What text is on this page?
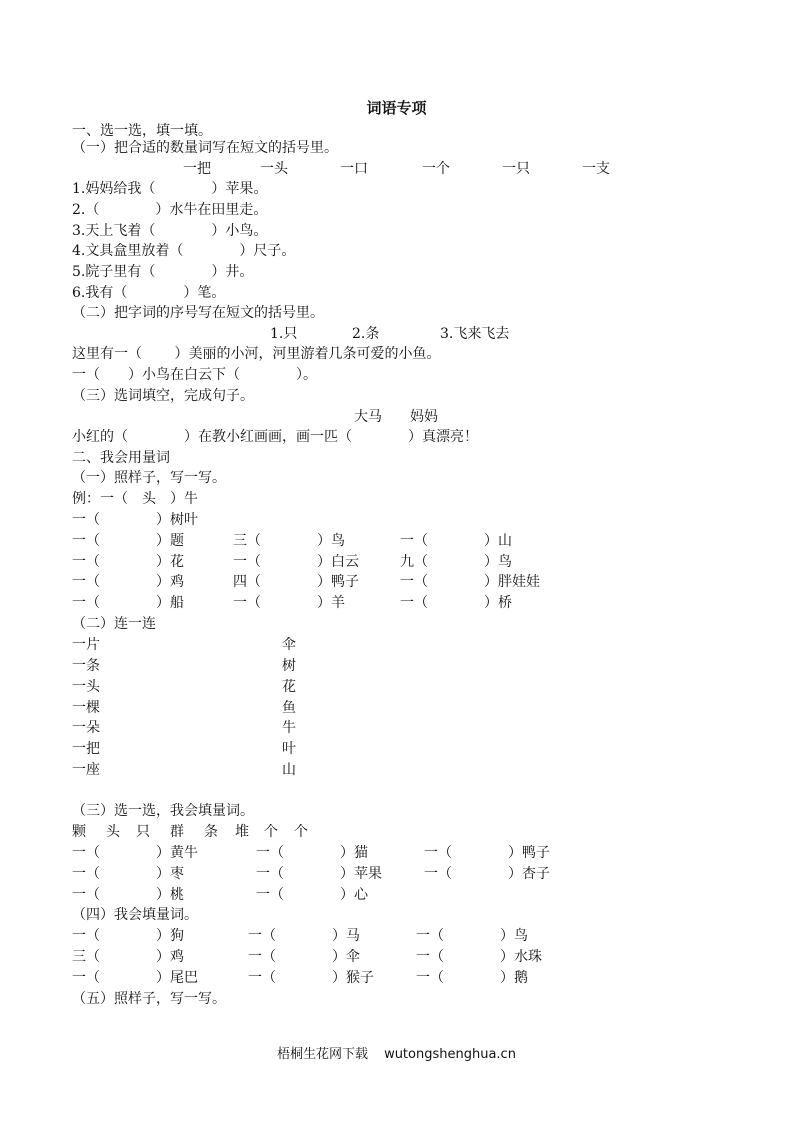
词语专项
一、选一选，填一填。
（一）把合适的数量词写在短文的括号里。
一把	一头	一口	一个	一只	一支
1.妈妈给我（　　　　）苹果。
2.（　　　　）水牛在田里走。
3.天上飞着（　　　　）小鸟。
4.文具盒里放着（　　　　）尺子。
5.院子里有（　　　　）井。
6.我有（　　　　）笔。
（二）把字词的序号写在短文的括号里。
1.只	2.条	3.飞来飞去
这里有一（　　 ）美丽的小河，河里游着几条可爱的小鱼。
一（　　）小鸟在白云下（　　　　）。
（三）选词填空，完成句子。
大马 妈妈
小红的（　　　　）在教小红画画，画一匹（　　　　）真漂亮！
二、我会用量词
（一）照样子，写一写。
例：一（　头　）牛
一（　　　　）树叶
一（　　　　）题	三（　　　　）鸟	一（　　　　）山
一（　　　　）花	一（　　　　）白云	九（　　　　）鸟
一（　　　　）鸡	四（　　　　）鸭子	一（　　　　）胖娃娃
一（　　　　）船	一（　　　　）羊	一（　　　　）桥
（二）连一连
一片	伞
一条	树
一头	花
一棵	鱼
一朵	牛
一把	叶
一座	山
（三）选一选，我会填量词。
颗 头 只 群 条 堆 个 个
一（　　　　）黄牛	一（　　　　）猫	一（　　　　）鸭子
一（　　　　）枣	一（　　　　）苹果	一（　　　　）杏子
一（　　　　）桃	一（　　　　）心
（四）我会填量词。
一（　　　　）狗	一（　　　　）马	一（　　　　）鸟
三（　　　　）鸡	一（　　　　）伞	一（　　　　）水珠
一（　　　　）尾巴	一（　　　　）猴子	一（　　　　）鹅
（五）照样子，写一写。
梧桐生花网下载 wutongshenghua.cn
